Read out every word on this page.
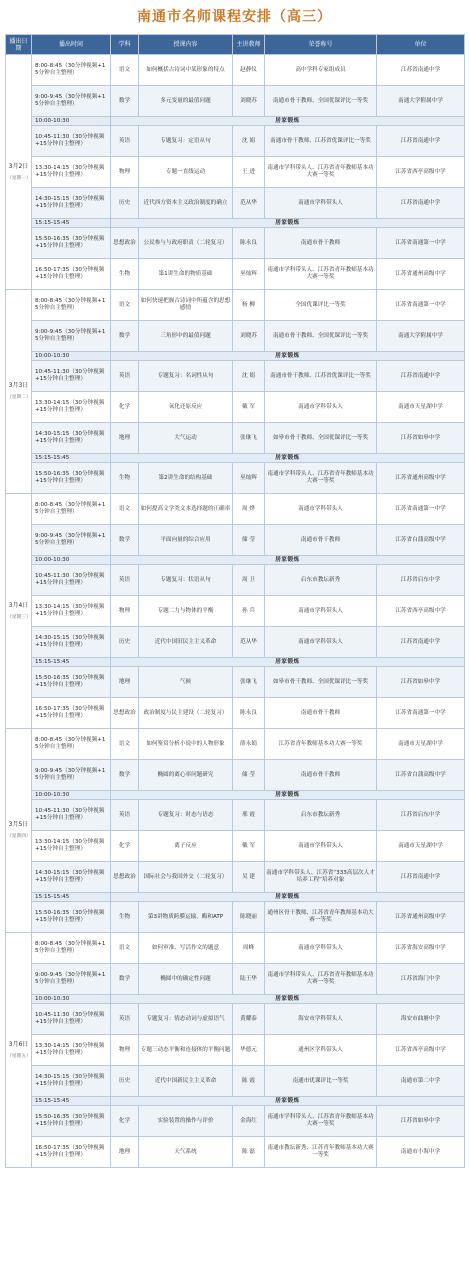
南通市名师课程安排（高三）
播出日期	播出时间	学科	授课内容	主讲教师	荣誉称号	单位
3月2日
（星期一）	8:00-8:45（30分钟视频+15分钟自主整理）	语文	如何概括古诗词中某形象的特点	赵静仪	高中学科专家组成员	江苏省南通中学
	9:00-9:45（30分钟视频+15分钟自主整理）	数学	多元变量的最值问题	刘晓苏	南通市骨干教师、全国优课评比一等奖	南通大学附属中学
	10:00-10:30	居家锻炼				
	10:45-11:30（30分钟视频+15分钟自主整理）	英语	专题复习：定语从句	沈 娟	南通市骨干教师、江苏省优课评比一等奖	江苏省南通中学
	13:30-14:15（30分钟视频+15分钟自主整理）	物理	专题一直线运动	王 进	南通市学科带头人、江苏省青年教师基本功大赛一等奖	江苏省西亭高级中学
	14:30-15:15（30分钟视频+15分钟自主整理）	历史	近代西方资本主义政治制度的确立	范从华	南通市学科带头人	江苏省南通中学
	15:15-15:45	居家锻炼				
	15:50-16:35（30分钟视频+15分钟自主整理）	思想政治	公民参与与政府职责（二轮复习）	陈永良	南通市骨干教师	江苏省南通第一中学
	16:50-17:35（30分钟视频+15分钟自主整理）	生物	第1讲生命的物质基础	巫灿辉	南通市学科带头人、江苏省青年教师基本功大赛一等奖	江苏省通州高级中学
3月3日
（星期二）	8:00-8:45（30分钟视频+15分钟自主整理）	语文	如何快速把握古诗词中所蕴含的思想感情	杨 柳	全国优课评比一等奖	江苏省南通第一中学
	9:00-9:45（30分钟视频+15分钟自主整理）	数学	三角形中的最值问题	刘晓苏	南通市骨干教师、全国优课评比一等奖	南通大学附属中学
	10:00-10:30	居家锻炼				
	10:45-11:30（30分钟视频+15分钟自主整理）	英语	专题复习：名词性从句	沈 娟	南通市骨干教师、江苏省优课评比一等奖	江苏省南通中学
	13:30-14:15（30分钟视频+15分钟自主整理）	化学	氧化还原反应	戴 军	南通市学科带头人	南通市天星湖中学
	14:30-15:15（30分钟视频+15分钟自主整理）	地理	大气运动	张继飞	如皋市骨干教师、全国优课评比一等奖	江苏省如皋中学
	15:15-15:45	居家锻炼				
	15:50-16:35（30分钟视频+15分钟自主整理）	生物	第2讲生命的结构基础	巫灿辉	南通市学科带头人、江苏省青年教师基本功大赛一等奖	江苏省通州高级中学
3月4日
（星期三）	8:00-8:45（30分钟视频+15分钟自主整理）	语文	如何提高文学类文本选择题的正确率	周 烨	南通市学科带头人	江苏省南通第一中学
	9:00-9:45（30分钟视频+15分钟自主整理）	数学	平面向量的综合应用	储 莹	南通市骨干教师	江苏省白蒲高级中学
	10:00-10:30	居家锻炼				
	10:45-11:30（30分钟视频+15分钟自主整理）	英语	专题复习：状语从句	周 卫	启东市教坛新秀	江苏省启东中学
	13:30-14:15（30分钟视频+15分钟自主整理）	物理	专题二力与物体的平衡	孙 兵	南通市学科带头人	江苏省西亭高级中学
	14:30-15:15（30分钟视频+15分钟自主整理）	历史	近代中国旧民主主义革命	范从华	南通市学科带头人	江苏省南通中学
	15:15-15:45	居家锻炼				
	15:50-16:35（30分钟视频+15分钟自主整理）	地理	气候	张继飞	如皋市骨干教师、全国优课评比一等奖	江苏省如皋中学
	16:50-17:35（30分钟视频+15分钟自主整理）	思想政治	政治制度与民主建设（二轮复习）	陈永良	南通市骨干教师	江苏省南通第一中学
3月5日
（星期四）	8:00-8:45（30分钟视频+15分钟自主整理）	语文	如何鉴赏分析小说中的人物形象	薛永娟	江苏省青年教师基本功大赛一等奖	南通市天星湖中学
	9:00-9:45（30分钟视频+15分钟自主整理）	数学	椭圆的离心率问题研究	储 莹	南通市骨干教师	江苏省白蒲高级中学
	10:00-10:30	居家锻炼				
	10:45-11:30（30分钟视频+15分钟自主整理）	英语	专题复习：时态与语态	邢 霞	启东市教坛新秀	江苏省启东中学
	13:30-14:15（30分钟视频+15分钟自主整理）	化学	离子反应	戴 军	南通市学科带头人	南通市天星湖中学
	14:30-15:15（30分钟视频+15分钟自主整理）	思想政治	国际社会与我国外交（二轮复习）	吴 建	南通市学科带头人、江苏省“333高层次人才培养工程”培养对象	江苏省南通中学
	15:15-15:45	居家锻炼				
	15:50-16:35（30分钟视频+15分钟自主整理）	生物	第3讲物质跨膜运输、酶和ATP	陈晓丽	通州区骨干教师、江苏省青年教师基本功大赛一等奖	江苏省通州高级中学
3月6日
（星期五）	8:00-8:45（30分钟视频+15分钟自主整理）	语文	如何审准、写活作文的题意	周峰	南通市学科带头人	江苏省海安高级中学
	9:00-9:45（30分钟视频+15分钟自主整理）	数学	椭圆中的确定性问题	陆王华	南通市学科带头人、江苏省青年教师基本功大赛一等奖	江苏省海门中学
	10:00-10:30	居家锻炼				
	10:45-11:30（30分钟视频+15分钟自主整理）	英语	专题复习：情态动词与虚拟语气	黄耀泰	海安市学科带头人	海安市曲塘中学
	13:30-14:15（30分钟视频+15分钟自主整理）	物理	专题三动态平衡和连接体的平衡问题	华德元	通州区学科带头人	江苏省西亭高级中学
	14:30-15:15（30分钟视频+15分钟自主整理）	历史	近代中国新民主主义革命	陈 霞	南通市优课评比一等奖	南通市第二中学
	15:15-15:45	居家锻炼				
	15:50-16:35（30分钟视频+15分钟自主整理）	化学	实验装置的操作与评价	金海红	南通市学科带头人、江苏省青年教师基本功大赛一等奖	江苏省如皋中学
	16:50-17:35（30分钟视频+15分钟自主整理）	地理	天气系统	陈 磊	南通市教坛新秀、江苏青年教师基本功大赛一等奖	南通市小海中学
